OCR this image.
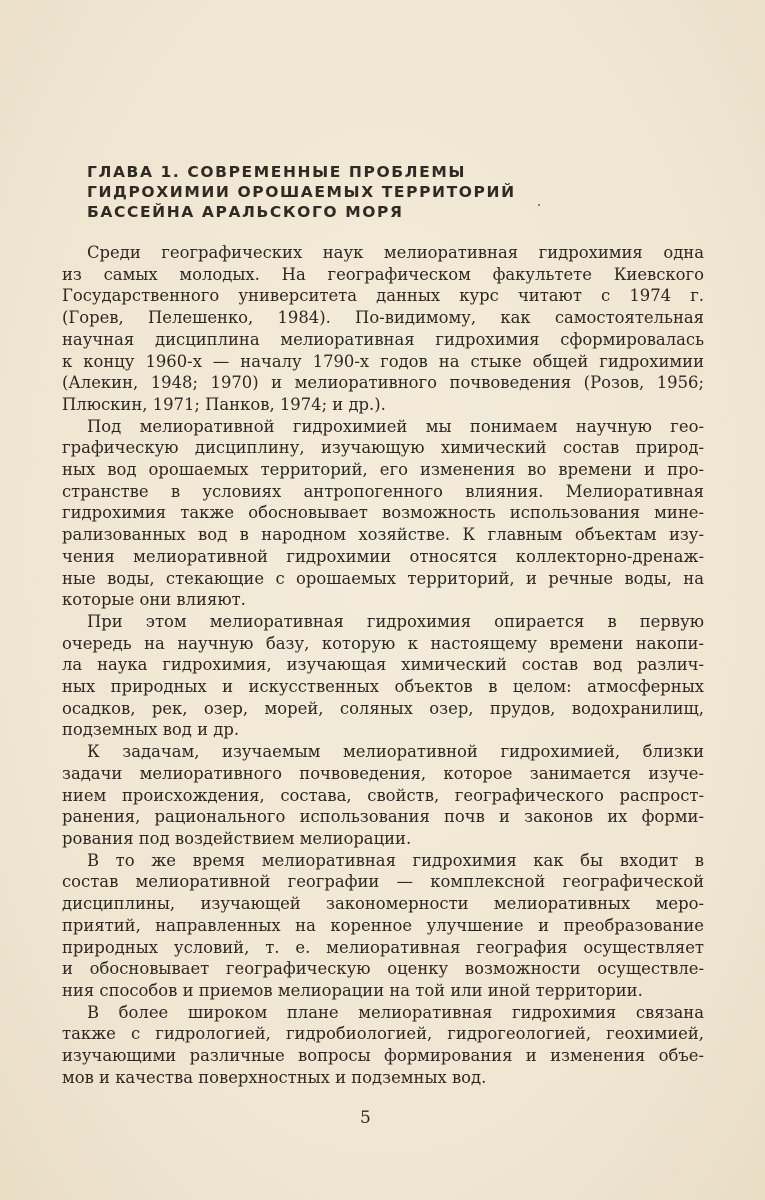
ГЛАВА 1. СОВРЕМЕННЫЕ ПРОБЛЕМЫ
ГИДРОХИМИИ ОРОШАЕМЫХ ТЕРРИТОРИЙ
БАССЕЙНА АРАЛЬСКОГО МОРЯ

Среди географических наук мелиоративная гидрохимия одна
из самых молодых. На географическом факультете Киевского
Государственного университета данных курс читают с 1974 г.
(Горев, Пелешенко, 1984). По-видимому, как самостоятельная
научная дисциплина мелиоративная гидрохимия сформировалась
к концу 1960-х — началу 1790-х годов на стыке общей гидрохимии
(Алекин, 1948; 1970) и мелиоративного почвоведения (Розов, 1956;
Плюскин, 1971; Панков, 1974; и др.).

Под мелиоративной гидрохимией мы понимаем научную гео-
графическую дисциплину, изучающую химический состав природ-
ных вод орошаемых территорий, его изменения во времени и про-
странстве в условиях антропогенного влияния. Мелиоративная
гидрохимия также обосновывает возможность использования мине-
рализованных вод в народном хозяйстве. К главным объектам изу-
чения мелиоративной гидрохимии относятся коллекторно-дренаж-
ные воды, стекающие с орошаемых территорий, и речные воды, на
которые они влияют.

При этом мелиоративная гидрохимия опирается в первую
очередь на научную базу, которую к настоящему времени накопи-
ла наука гидрохимия, изучающая химический состав вод различ-
ных природных и искусственных объектов в целом: атмосферных
осадков, рек, озер, морей, соляных озер, прудов, водохранилищ,
подземных вод и др.

К задачам, изучаемым мелиоративной гидрохимией, близки
задачи мелиоративного почвоведения, которое занимается изуче-
нием происхождения, состава, свойств, географического распрост-
ранения, рационального использования почв и законов их форми-
рования под воздействием мелиорации.

В то же время мелиоративная гидрохимия как бы входит в
состав мелиоративной географии — комплексной географической
дисциплины, изучающей закономерности мелиоративных меро-
приятий, направленных на коренное улучшение и преобразование
природных условий, т. е. мелиоративная география осуществляет
и обосновывает географическую оценку возможности осуществле-
ния способов и приемов мелиорации на той или иной территории.

В более широком плане мелиоративная гидрохимия связана
также с гидрологией, гидробиологией, гидрогеологией, геохимией,
изучающими различные вопросы формирования и изменения объе-
мов и качества поверхностных и подземных вод.

5
